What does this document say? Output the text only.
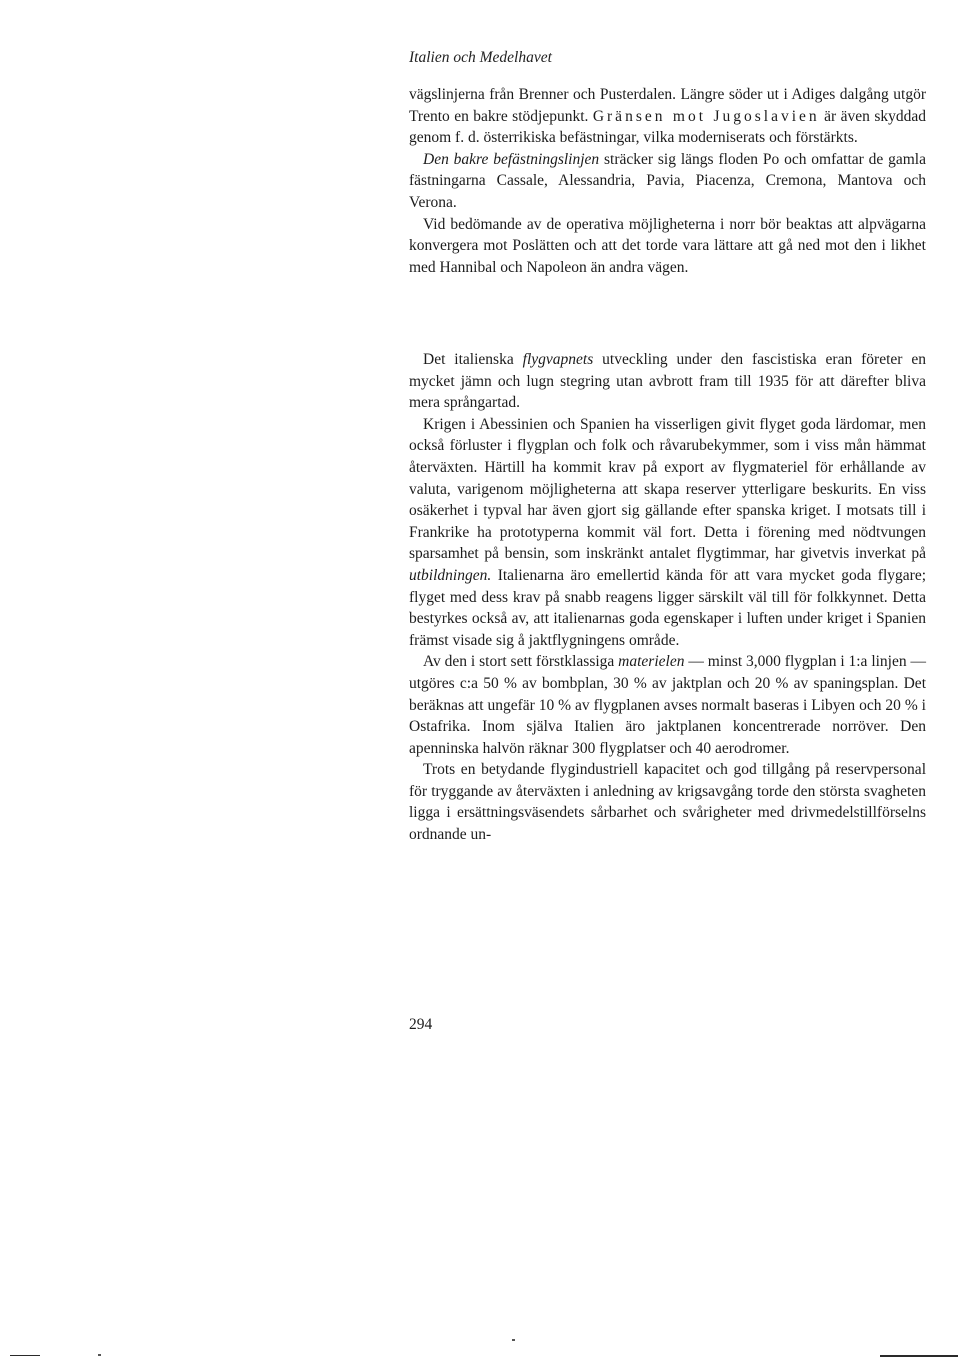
Italien och Medelhavet

vägslinjerna från Brenner och Pusterdalen. Längre söder ut i Adiges dalgång utgör Trento en bakre stödjepunkt. Gränsen mot Jugoslavien är även skyddad genom f. d. österrikiska befästningar, vilka moderniserats och förstärkts.

Den bakre befästningslinjen sträcker sig längs floden Po och omfattar de gamla fästningarna Cassale, Alessandria, Pavia, Piacenza, Cremona, Mantova och Verona.

Vid bedömande av de operativa möjligheterna i norr bör beaktas att alpvägarna konvergera mot Poslätten och att det torde vara lättare att gå ned mot den i likhet med Hannibal och Napoleon än andra vägen.

Det italienska flygvapnets utveckling under den fascistiska eran företer en mycket jämn och lugn stegring utan avbrott fram till 1935 för att därefter bliva mera språngartad.

Krigen i Abessinien och Spanien ha visserligen givit flyget goda lärdomar, men också förluster i flygplan och folk och råvarubekymmer, som i viss mån hämmat återväxten. Härtill ha kommit krav på export av flygmateriel för erhållande av valuta, varigenom möjligheterna att skapa reserver ytterligare beskurits. En viss osäkerhet i typval har även gjort sig gällande efter spanska kriget. I motsats till i Frankrike ha prototyperna kommit väl fort. Detta i förening med nödtvungen sparsamhet på bensin, som inskränkt antalet flygtimmar, har givetvis inverkat på utbildningen. Italienarna äro emellertid kända för att vara mycket goda flygare; flyget med dess krav på snabb reagens ligger särskilt väl till för folkkynnet. Detta bestyrkes också av, att italienarnas goda egenskaper i luften under kriget i Spanien främst visade sig å jaktflygningens område.

Av den i stort sett förstklassiga materielen — minst 3,000 flygplan i 1:a linjen — utgöres c:a 50 % av bombplan, 30 % av jaktplan och 20 % av spaningsplan. Det beräknas att ungefär 10 % av flygplanen avses normalt baseras i Libyen och 20 % i Ostafrika. Inom själva Italien äro jaktplanen koncentrerade norröver. Den apenninska halvön räknar 300 flygplatser och 40 aerodromer.

Trots en betydande flygindustriell kapacitet och god tillgång på reservpersonal för tryggande av återväxten i anledning av krigsavgång torde den största svagheten ligga i ersättningsväsendets sårbarhet och svårigheter med drivmedelstillförselns ordnande un-

294
